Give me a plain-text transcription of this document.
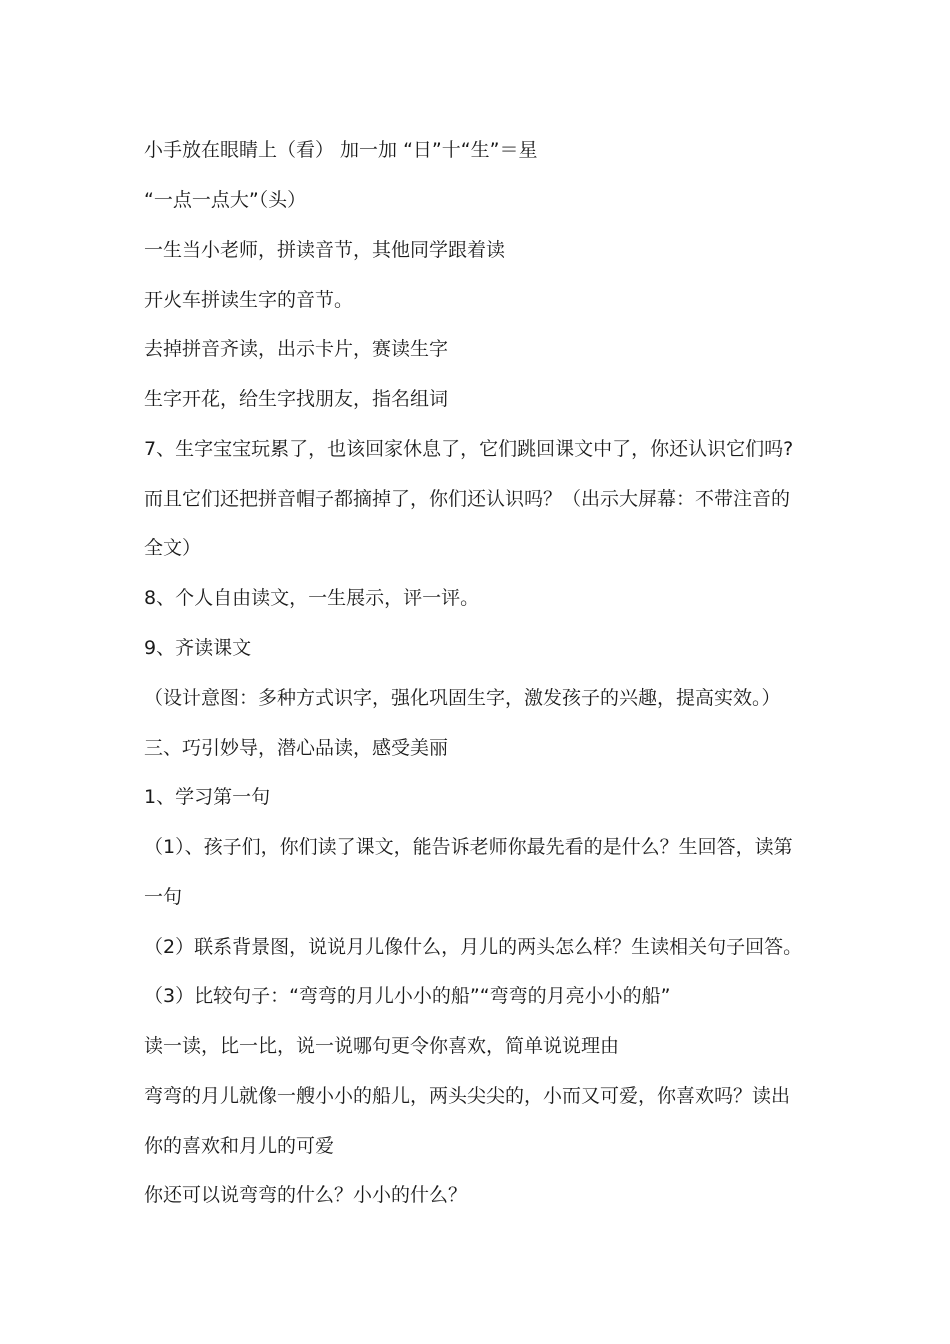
小手放在眼睛上（看） 加一加 “日”十“生”＝星
“一点一点大”（头）
一生当小老师，拼读音节，其他同学跟着读
开火车拼读生字的音节。
去掉拼音齐读，出示卡片，赛读生字
生字开花，给生字找朋友，指名组词
7、生字宝宝玩累了，也该回家休息了，它们跳回课文中了，你还认识它们吗?
而且它们还把拼音帽子都摘掉了，你们还认识吗？（出示大屏幕：不带注音的
全文）
8、个人自由读文，一生展示，评一评。
9、齐读课文
（设计意图：多种方式识字，强化巩固生字，激发孩子的兴趣，提高实效。）
三、巧引妙导，潜心品读，感受美丽
1、学习第一句
（1）、孩子们，你们读了课文，能告诉老师你最先看的是什么？生回答，读第
一句
（2）联系背景图，说说月儿像什么，月儿的两头怎么样？生读相关句子回答。
（3）比较句子：“弯弯的月儿小小的船”“弯弯的月亮小小的船”
读一读，比一比，说一说哪句更令你喜欢，简单说说理由
弯弯的月儿就像一艘小小的船儿，两头尖尖的，小而又可爱，你喜欢吗？读出
你的喜欢和月儿的可爱
你还可以说弯弯的什么？小小的什么？
